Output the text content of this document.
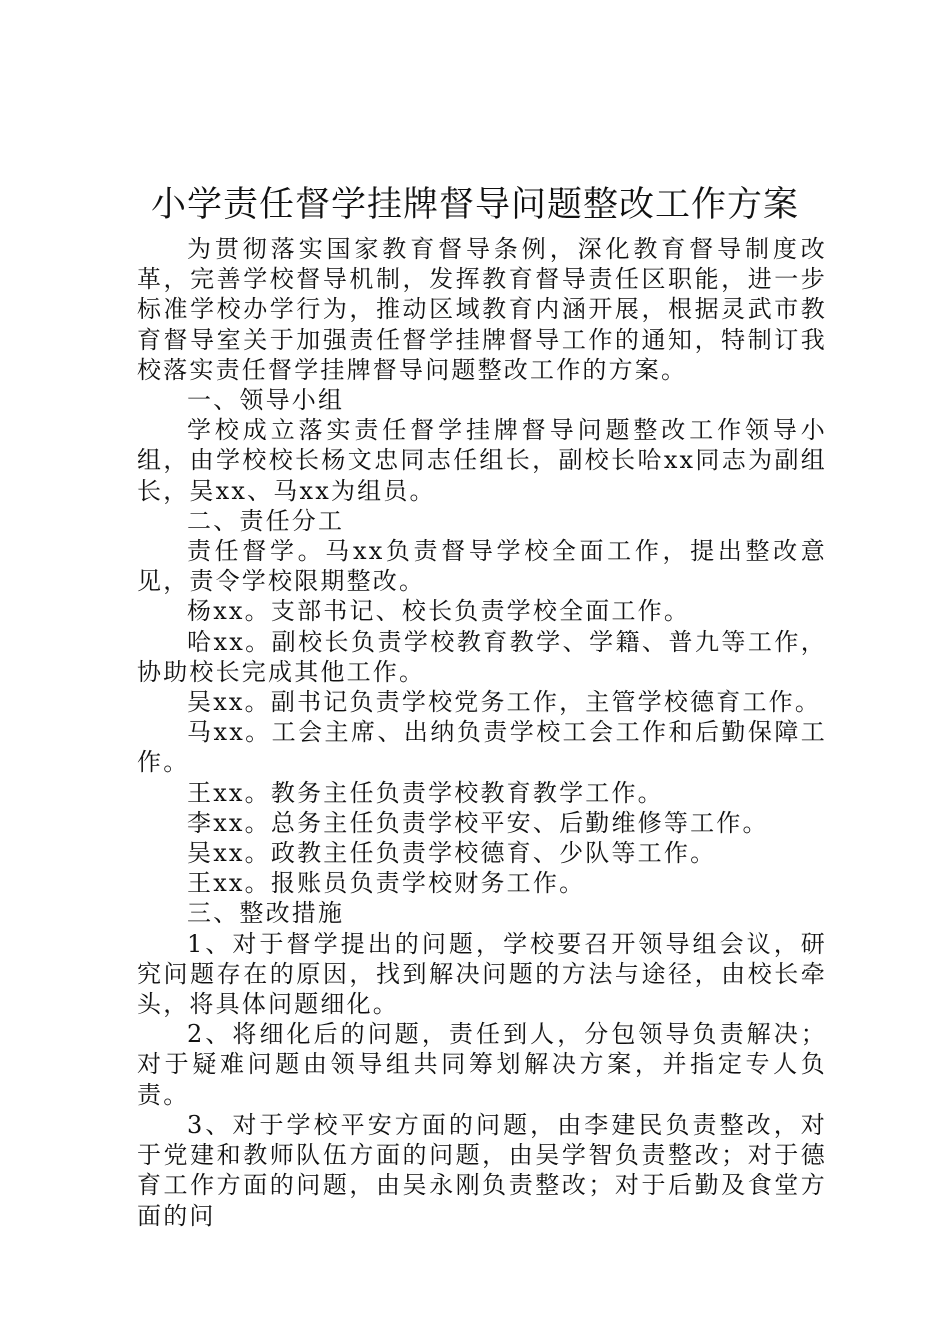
小学责任督学挂牌督导问题整改工作方案

为贯彻落实国家教育督导条例，深化教育督导制度改革，完善学校督导机制，发挥教育督导责任区职能，进一步标准学校办学行为，推动区域教育内涵开展，根据灵武市教育督导室关于加强责任督学挂牌督导工作的通知，特制订我校落实责任督学挂牌督导问题整改工作的方案。

一、领导小组

学校成立落实责任督学挂牌督导问题整改工作领导小组，由学校校长杨文忠同志任组长，副校长哈xx同志为副组长，吴xx、马xx为组员。

二、责任分工

责任督学。马xx负责督导学校全面工作，提出整改意见，责令学校限期整改。

杨xx。支部书记、校长负责学校全面工作。

哈xx。副校长负责学校教育教学、学籍、普九等工作，协助校长完成其他工作。

吴xx。副书记负责学校党务工作，主管学校德育工作。

马xx。工会主席、出纳负责学校工会工作和后勤保障工作。

王xx。教务主任负责学校教育教学工作。

李xx。总务主任负责学校平安、后勤维修等工作。

吴xx。政教主任负责学校德育、少队等工作。

王xx。报账员负责学校财务工作。

三、整改措施

1、对于督学提出的问题，学校要召开领导组会议，研究问题存在的原因，找到解决问题的方法与途径，由校长牵头，将具体问题细化。

2、将细化后的问题，责任到人，分包领导负责解决；对于疑难问题由领导组共同筹划解决方案，并指定专人负责。

3、对于学校平安方面的问题，由李建民负责整改，对于党建和教师队伍方面的问题，由吴学智负责整改；对于德育工作方面的问题，由吴永刚负责整改；对于后勤及食堂方面的问
